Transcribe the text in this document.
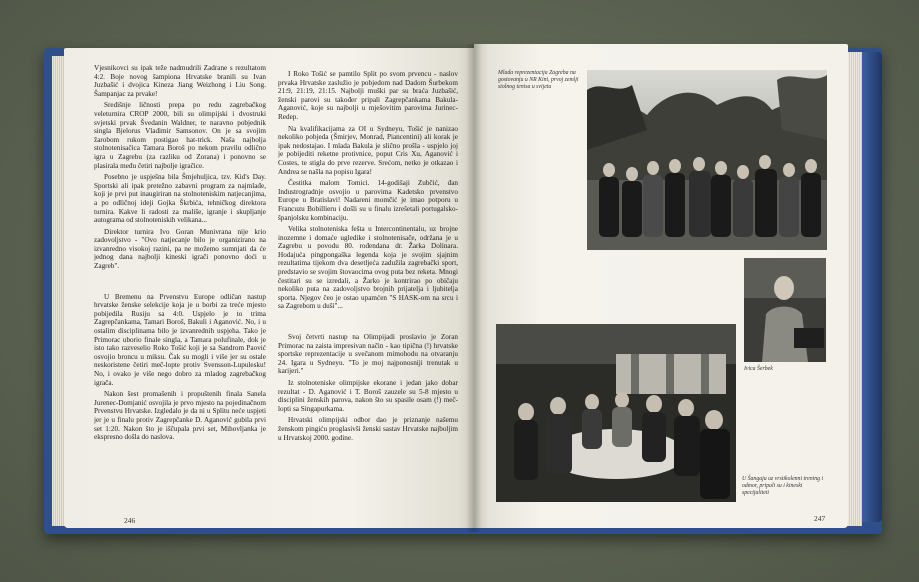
Vjesnikovci su ipak teže nadmudrili Zadrane s rezultatom 4:2. Boje novog šampiona Hrvatske branili su Ivan Juzbašić i dvojica Kineza Jiang Weizhong i Liu Song. Šampanjac za prvake!

Središnje ličnosti prepa po redu zagrebačkog veleturnira CROP 2000, bili su olimpijski i dvostruki svjetski prvak Švedanin Waldner, te naravno pobjednik singla Bjelorus Vladimir Samsonov. On je sa svojim žarobom rukom postigao hat-trick. Naša najbolja stolnotenisačica Tamara Boroš po nekom pravilu odlično igra u Zagrebu (za razliku od Zorana) i ponovno se plasirala među četiri najbolje igračice.

Posebno je uspješna bila Šmjehuljica, tzv. Kid's Day. Sportski ali ipak pretežno zabavni program za najmlađe, koji je prvi put inaugiriran na stolnoteniskim natjecanjima, a po odličnoj ideji Gojka Škrbića, tehničkog direktora turnira. Kakve li radosti za mališe, igranje i skupljanje autograma od stolnoteniskih velikana...

Direktor turnira Ivo Goran Munivrana nije krio zadovoljstvo - "Ovo natjecanje bilo je organizirano na izvanredno visokoj razini, pa ne možemo sumnjati da će jednog dana najbolji kineski igrači ponovno doći u Zagreb".

U Bremenu na Prvenstvu Europe odličan nastup hrvatske ženske selekcije koja je u borbi za treće mjesto pobijedila Rusiju sa 4:0. Uspjelo je to trima Zagrepčankama, Tamari Boroš, Bakuli i Aganović. No, i u ostalim disciplinama bilo je izvanrednih uspjeha. Tako je Primorac uborio finale singla, a Tamara polufinale, dok je isto tako razveselio Roko Tošić koji je sa Sandrom Paović osvojio broncu u miksu. Čak su mogli i više jer su ostale neskoristene četiri meč-lopte protiv Svensson-Lupulesku! No, i ovako je više nego dobro za mladog zagrebačkog igrača.

Nakon šest promašenih i propuštenih finala Sanela Jurenec-Domjanić osvojila je prvo mjesto na pojedinačnom Prvenstvu Hrvatske. Izgledalo je da ni u Splitu neće uspjeti jer je u finalu protiv Zagrepčanke D. Aganović gubila prvi set 1:20. Nakon što je iščupala prvi set, Mihovljanka je ekspresno došla do naslova.

I Roko Tošić se pamtilo Split po svom prvencu - naslov prvaka Hrvatske zaslužio je pobjedom nad Dadom Šurbekom 21:9, 21:19, 21:15. Najbolji muški par su braća Juzbašić, ženski parovi su također pripali Zagrepčankama Bakula-Aganović, koje su najbolji u mješovitim parovima Jurinec-Redep.

Na kvalifikacijama za OI u Sydneyu, Tošić je nanizao nekoliko pobjeda (Šmirjev, Monrad, Piancentini) ali korak je ipak nedostajao. I mlada Bakula je slično prošla - uspjelo joj je pobijediti reketne protivnice, poput Cris Xu, Aganović i Costes, te stigla do prve rezerve. Srećom, netko je otkazao i Andrea se našla na popisu Igara!

Čestitka malom Tomici. 14-godišaji Zubčić, đan Industrogradnje osvojio u parovima Kadetsko prvenstvo Europe u Bratislavi! Nadareni momčić je imao potporu u Francuzu Bobillieru i došli su u finalu izrešetali portugalsko-španjolsku kombinaciju.

Velika stolnoteniska fešta u Intercontinentalu, uz brojne inozemne i domaće ugledike i stolnotenisače, održana je u Zagrebu u povodu 80. rođendana dr. Žarka Dolinara. Hodajuća pingpongaška legenda koja je svojim sjajnim rezultatima tijekom dva desetljeća zadužila zagrebački sport, predstavio se svojim štovaocima ovog puta bez reketa. Mnogi čestitari su se izredali, a Žarko je kontrirao po običaju nekoliko puta na zadovoljstvo brojnih prijatelja i ljubitelja sporta. Njegov čeo je ostao upamćen "S HASK-om na srcu i sa Zagrebom u duši"...

Svoj četvrti nastup na Olimpijadi proslavio je Zoran Primorac na zaista impresivan način - kao tipična (!) hrvatske sportske reprezentacije u svečanom mimohodu na otvaranju 24. Igara u Sydneyu. "To je moj najponosniji trenutak u karijeri."

Iz stolnoteniske olimpijske ekorane i jedan jako dobar rezultat - D. Aganović i T. Boroš zauzele su 5-8 mjesto u disciplini ženskih parova, nakon što su spasile osam (!) meč-lopti sa Singapurkama.

Hrvatski olimpijski odbor dao je priznanje našemu ženskom pingiću proglasivši ženski sastav Hrvatske najboljim u Hrvatskoj 2000. godine.

246
Mlada reprezentacija Zagreba na gostovanju u NR Kini, prvoj zemlji stolnog tenisa u svijetu
Ivica Šerbek
U Šangaju uz vrstikolenni trening i odmor, pripali su i kineski specijaliteti
247
